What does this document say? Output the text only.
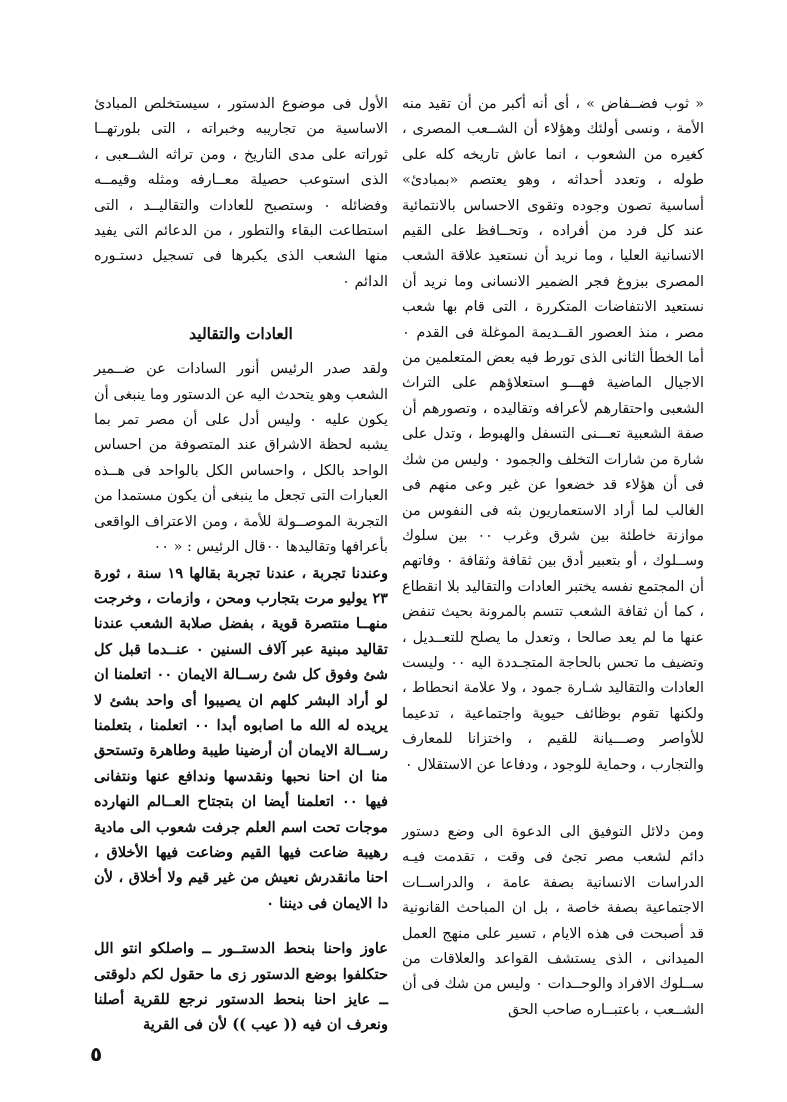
« ثوب فضــفاض » ، أى أنه أكبر من أن تقيد منه الأمة ، ونسى أولئك وهؤلاء أن الشــعب المصرى ، كغيره من الشعوب ، انما عاش تاريخه كله على طوله ، وتعدد أحداثه ، وهو يعتصم «بمبادئ» أساسية تصون وجوده وتقوى الاحساس بالانتمائية عند كل فرد من أفراده ، وتحــافظ على القيم الانسانية العليا ، وما نريد أن نستعيد علاقة الشعب المصرى ببزوغ فجر الضمير الانسانى وما نريد أن نستعيد الانتفاضات المتكررة ، التى قام بها شعب مصر ، منذ العصور القــديمة الموغلة فى القدم ٠ أما الخطأ الثانى الذى تورط فيه بعض المتعلمين من الاجيال الماضية فهـــو استعلاؤهم على التراث الشعبى واحتقارهم لأعرافه وتقاليده ، وتصورهم أن صفة الشعبية تعـــنى التسفل والهبوط ، وتدل على شارة من شارات التخلف والجمود ٠ وليس من شك فى أن هؤلاء قد خضعوا عن غير وعى منهم فى الغالب لما أراد الاستعماريون بثه فى النفوس من موازنة خاطئة بين شرق وغرب ٠٠ بين سلوك وســلوك ، أو بتعبير أدق بين ثقافة وثقافة ٠ وفاتهم أن المجتمع نفسه يختبر العادات والتقاليد بلا انقطاع ، كما أن ثقافة الشعب تتسم بالمرونة بحيث تنفض عنها ما لم يعد صالحا ، وتعدل ما يصلح للتعــديل ، وتضيف ما تحس بالحاجة المتجـددة اليه ٠٠ وليست العادات والتقاليد شـارة جمود ، ولا علامة انحطاط ، ولكنها تقوم بوظائف حيوية واجتماعية ، تدعيما للأواصر وصـــيانة للقيم ، واختزانا للمعارف والتجارب ، وحماية للوجود ، ودفاعا عن الاستقلال ٠

ومن دلائل التوفيق الى الدعوة الى وضع دستور دائم لشعب مصر تجئ فى وقت ، تقدمت فيـه الدراسات الانسانية بصفة عامة ، والدراســات الاجتماعية بصفة خاصة ، بل ان المباحث القانونية قد أصبحت فى هذه الايام ، تسير على منهج العمل الميدانى ، الذى يستشف القواعد والعلاقات من ســلوك الافراد والوحــدات ٠ وليس من شك فى أن الشــعب ، باعتبــاره صاحب الحق

الأول فى موضوع الدستور ، سيستخلص المبادئ الاساسية من تجاريبه وخبراته ، التى بلورتهــا ثوراته على مدى التاريخ ، ومن تراثه الشــعبى ، الذى استوعب حصيلة معــارفه ومثله وقيمــه وفضائله ٠ وستصبح للعادات والتقاليــد ، التى استطاعت البقاء والتطور ، من الدعائم التى يفيد منها الشعب الذى يكبرها فى تسجيل دستـوره الدائم ٠

العادات والتقاليد

ولقد صدر الرئيس أنور السادات عن ضــمير الشعب وهو يتحدث اليه عن الدستور وما ينبغى أن يكون عليه ٠ وليس أدل على أن مصر تمر بما يشبه لحظة الاشراق عند المتصوفة من احساس الواحد بالكل ، واحساس الكل بالواحد فى هــذه العبارات التى تجعل ما ينبغى أن يكون مستمدا من التجربة الموصــولة للأمة ، ومن الاعتراف الواقعى بأعرافها وتقاليدها ٠٠قال الرئيس : « ٠٠

وعندنا تجربة ، عندنا تجربة بقالها ١٩ سنة ، ثورة ٢٣ يوليو مرت بتجارب ومحن ، وازمات ، وخرجت منهــا منتصرة قوية ، بفضل صلابة الشعب عندنا تقاليد مبنية عبر آلاف السنين ٠ عنــدما قبل كل شئ وفوق كل شئ رســالة الايمان ٠٠ اتعلمنا ان لو أراد البشر كلهم ان يصيبوا أى واحد بشئ لا يريده له الله ما اصابوه أبدا ٠٠ اتعلمنا ، بتعلمنا رســالة الايمان أن أرضينا طيبة وطاهرة وتستحق منا ان احنا نحبها ونقدسها وندافع عنها ونتفانى فيها ٠٠ اتعلمنا أيضا ان بتجتاح العــالم النهارده موجات تحت اسم العلم جرفت شعوب الى مادية رهيبة ضاعت فيها القيم وضاعت فيها الأخلاق ، احنا مانقدرش نعيش من غير قيم ولا أخلاق ، لأن دا الايمان فى ديننا ٠

عاوز واحنا بنحط الدستــور ــ واصلكو انتو الل حتكلفوا بوضع الدستور زى ما حقول لكم دلوقتى ــ عايز احنا بنحط الدستور نرجع للقرية أصلنا ونعرف ان فيه (( عيب )) لأن فى القرية

٥
